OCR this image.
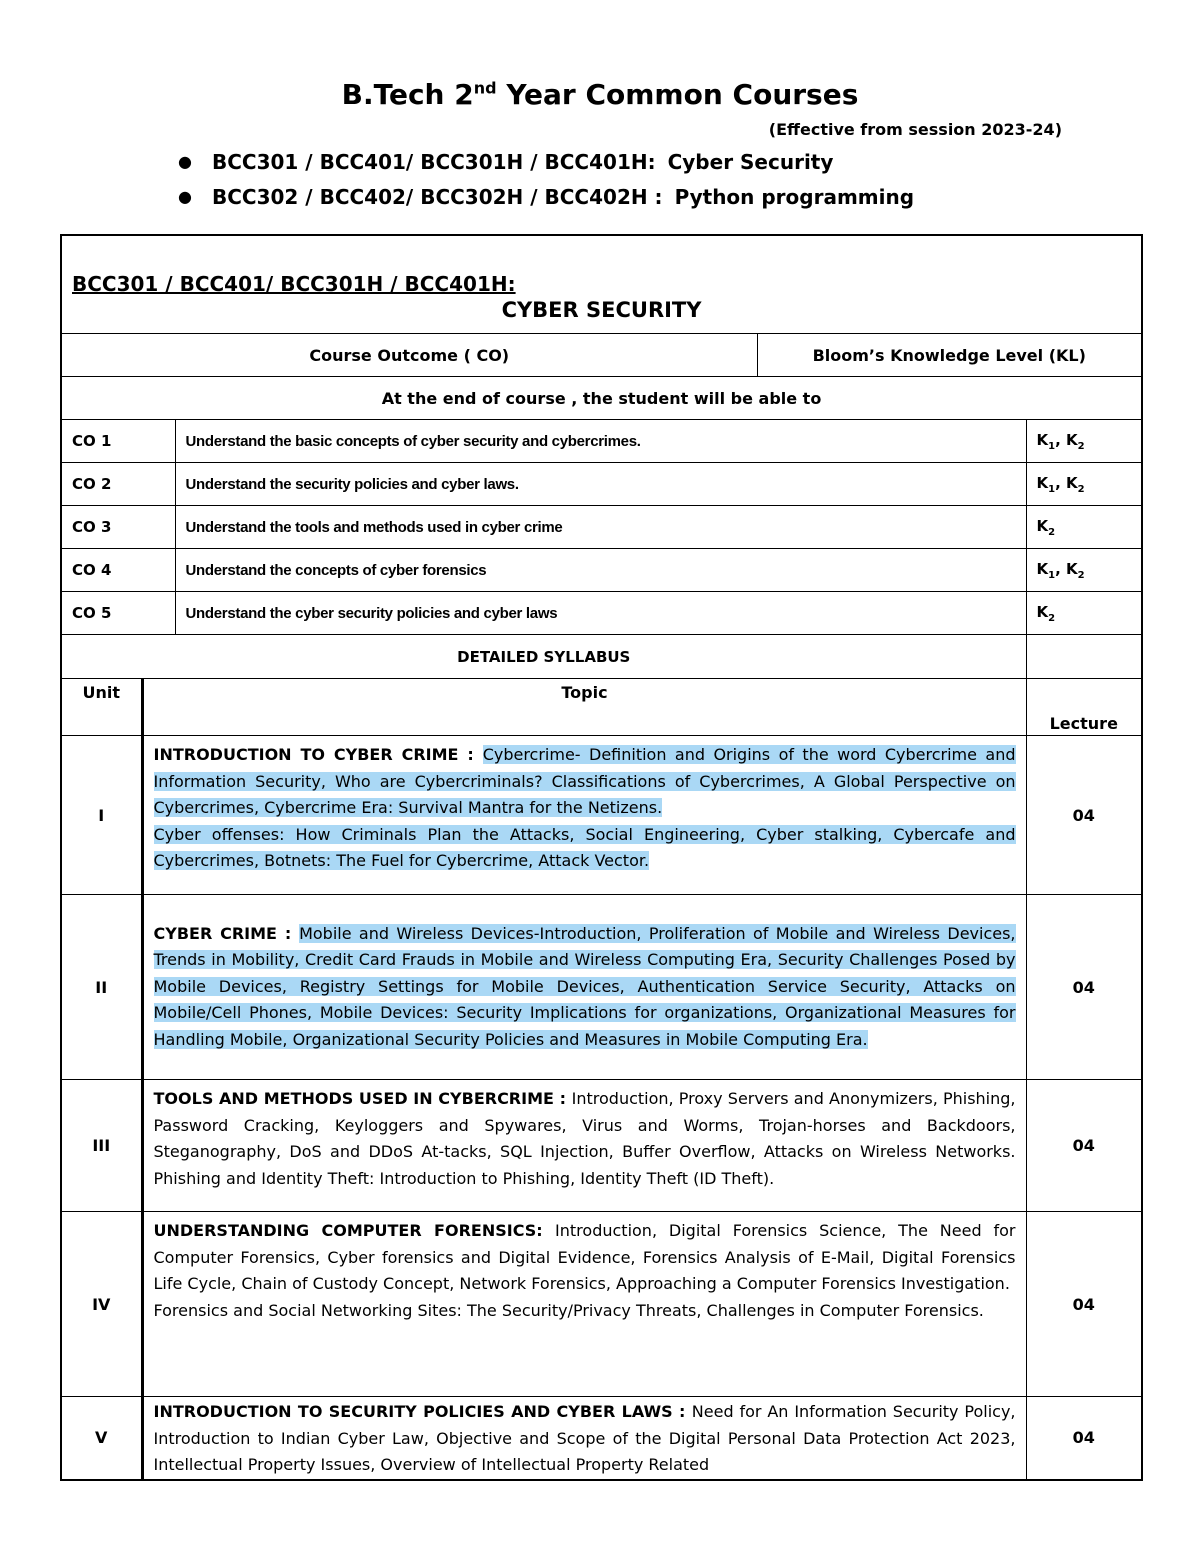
B.Tech 2nd Year Common Courses
(Effective from session 2023-24)
● BCC301 / BCC401/ BCC301H / BCC401H: Cyber Security
● BCC302 / BCC402/ BCC302H / BCC402H : Python programming
BCC301 / BCC401/ BCC301H / BCC401H:
CYBER SECURITY				

Course Outcome ( CO)			Bloom’s Knowledge Level (KL)	
At the end of course , the student will be able to				
CO 1		Understand the basic concepts of cyber security and cybercrimes.		$K_1$, $K_2$
CO 2		Understand the security policies and cyber laws.		$K_1$, $K_2$
CO 3		Understand the tools and methods used in cyber crime		$K_2$
CO 4		Understand the concepts of cyber forensics		$K_1$, $K_2$
CO 5		Understand the cyber security policies and cyber laws		$K_2$
DETAILED SYLLABUS				
Unit	Topic			Lecture
I	INTRODUCTION TO CYBER CRIME : Cybercrime- Definition and Origins of the word Cybercrime and Information Security, Who are Cybercriminals? Classifications of Cybercrimes, A Global Perspective on Cybercrimes, Cybercrime Era: Survival Mantra for the Netizens.
Cyber offenses: How Criminals Plan the Attacks, Social Engineering, Cyber stalking, Cybercafe and Cybercrimes, Botnets: The Fuel for Cybercrime, Attack Vector.			04
II	CYBER CRIME : Mobile and Wireless Devices-Introduction, Proliferation of Mobile and Wireless Devices, Trends in Mobility, Credit Card Frauds in Mobile and Wireless Computing Era, Security Challenges Posed by Mobile Devices, Registry Settings for Mobile Devices, Authentication Service Security, Attacks on Mobile/Cell Phones, Mobile Devices: Security Implications for organizations, Organizational Measures for Handling Mobile, Organizational Security Policies and Measures in Mobile Computing Era.			04
III	TOOLS AND METHODS USED IN CYBERCRIME : Introduction, Proxy Servers and Anonymizers, Phishing, Password Cracking, Keyloggers and Spywares, Virus and Worms, Trojan-horses and Backdoors, Steganography, DoS and DDoS At-tacks, SQL Injection, Buffer Overflow, Attacks on Wireless Networks. Phishing and Identity Theft: Introduction to Phishing, Identity Theft (ID Theft).			04
IV	UNDERSTANDING COMPUTER FORENSICS: Introduction, Digital Forensics Science, The Need for Computer Forensics, Cyber forensics and Digital Evidence, Forensics Analysis of E-Mail, Digital Forensics Life Cycle, Chain of Custody Concept, Network Forensics, Approaching a Computer Forensics Investigation.
Forensics and Social Networking Sites: The Security/Privacy Threats, Challenges in Computer Forensics.			04
V	INTRODUCTION TO SECURITY POLICIES AND CYBER LAWS : Need for An Information Security Policy, Introduction to Indian Cyber Law, Objective and Scope of the Digital Personal Data Protection Act 2023, Intellectual Property Issues, Overview of Intellectual Property Related			04
